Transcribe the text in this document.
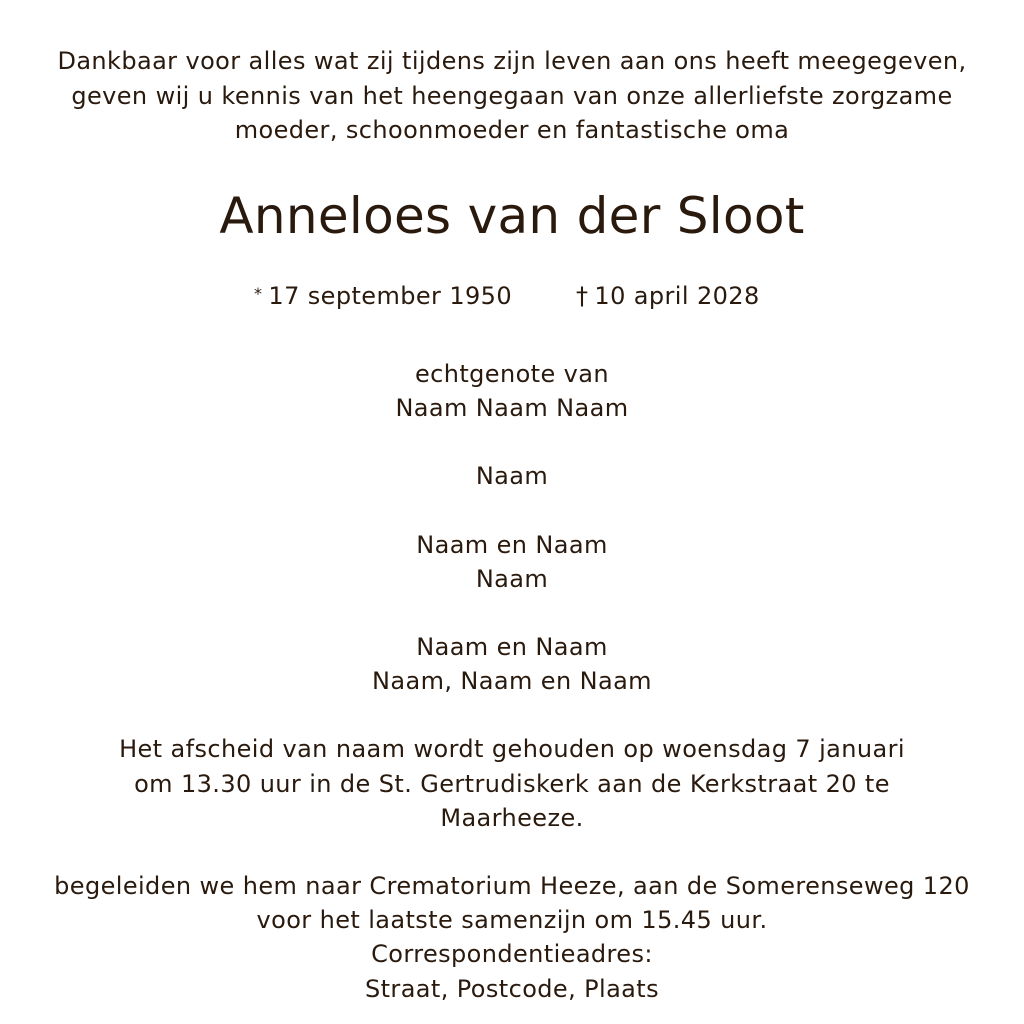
Dankbaar voor alles wat zij tijdens zijn leven aan ons heeft meegegeven,
geven wij u kennis van het heengegaan van onze allerliefste zorgzame
moeder, schoonmoeder en fantastische oma
Anneloes van der Sloot
* 17 september 1950	† 10 april 2028
echtgenote van
Naam Naam Naam
Naam
Naam en Naam
Naam
Naam en Naam
Naam, Naam en Naam
Het afscheid van naam wordt gehouden op woensdag 7 januari
om 13.30 uur in de St. Gertrudiskerk aan de Kerkstraat 20 te
Maarheeze.
begeleiden we hem naar Crematorium Heeze, aan de Somerenseweg 120
voor het laatste samenzijn om 15.45 uur.
Correspondentieadres:
Straat, Postcode, Plaats
